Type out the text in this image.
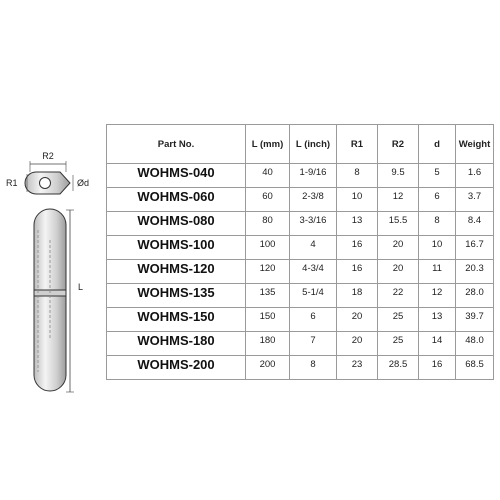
R2
R1	Ød
L
Part No.	L (mm)	L (inch)	R1	R2	d	Weight
WOHMS-040	40	1-9/16	8	9.5	5	1.6
WOHMS-060	60	2-3/8	10	12	6	3.7
WOHMS-080	80	3-3/16	13	15.5	8	8.4
WOHMS-100	100	4	16	20	10	16.7
WOHMS-120	120	4-3/4	16	20	11	20.3
WOHMS-135	135	5-1/4	18	22	12	28.0
WOHMS-150	150	6	20	25	13	39.7
WOHMS-180	180	7	20	25	14	48.0
WOHMS-200	200	8	23	28.5	16	68.5
